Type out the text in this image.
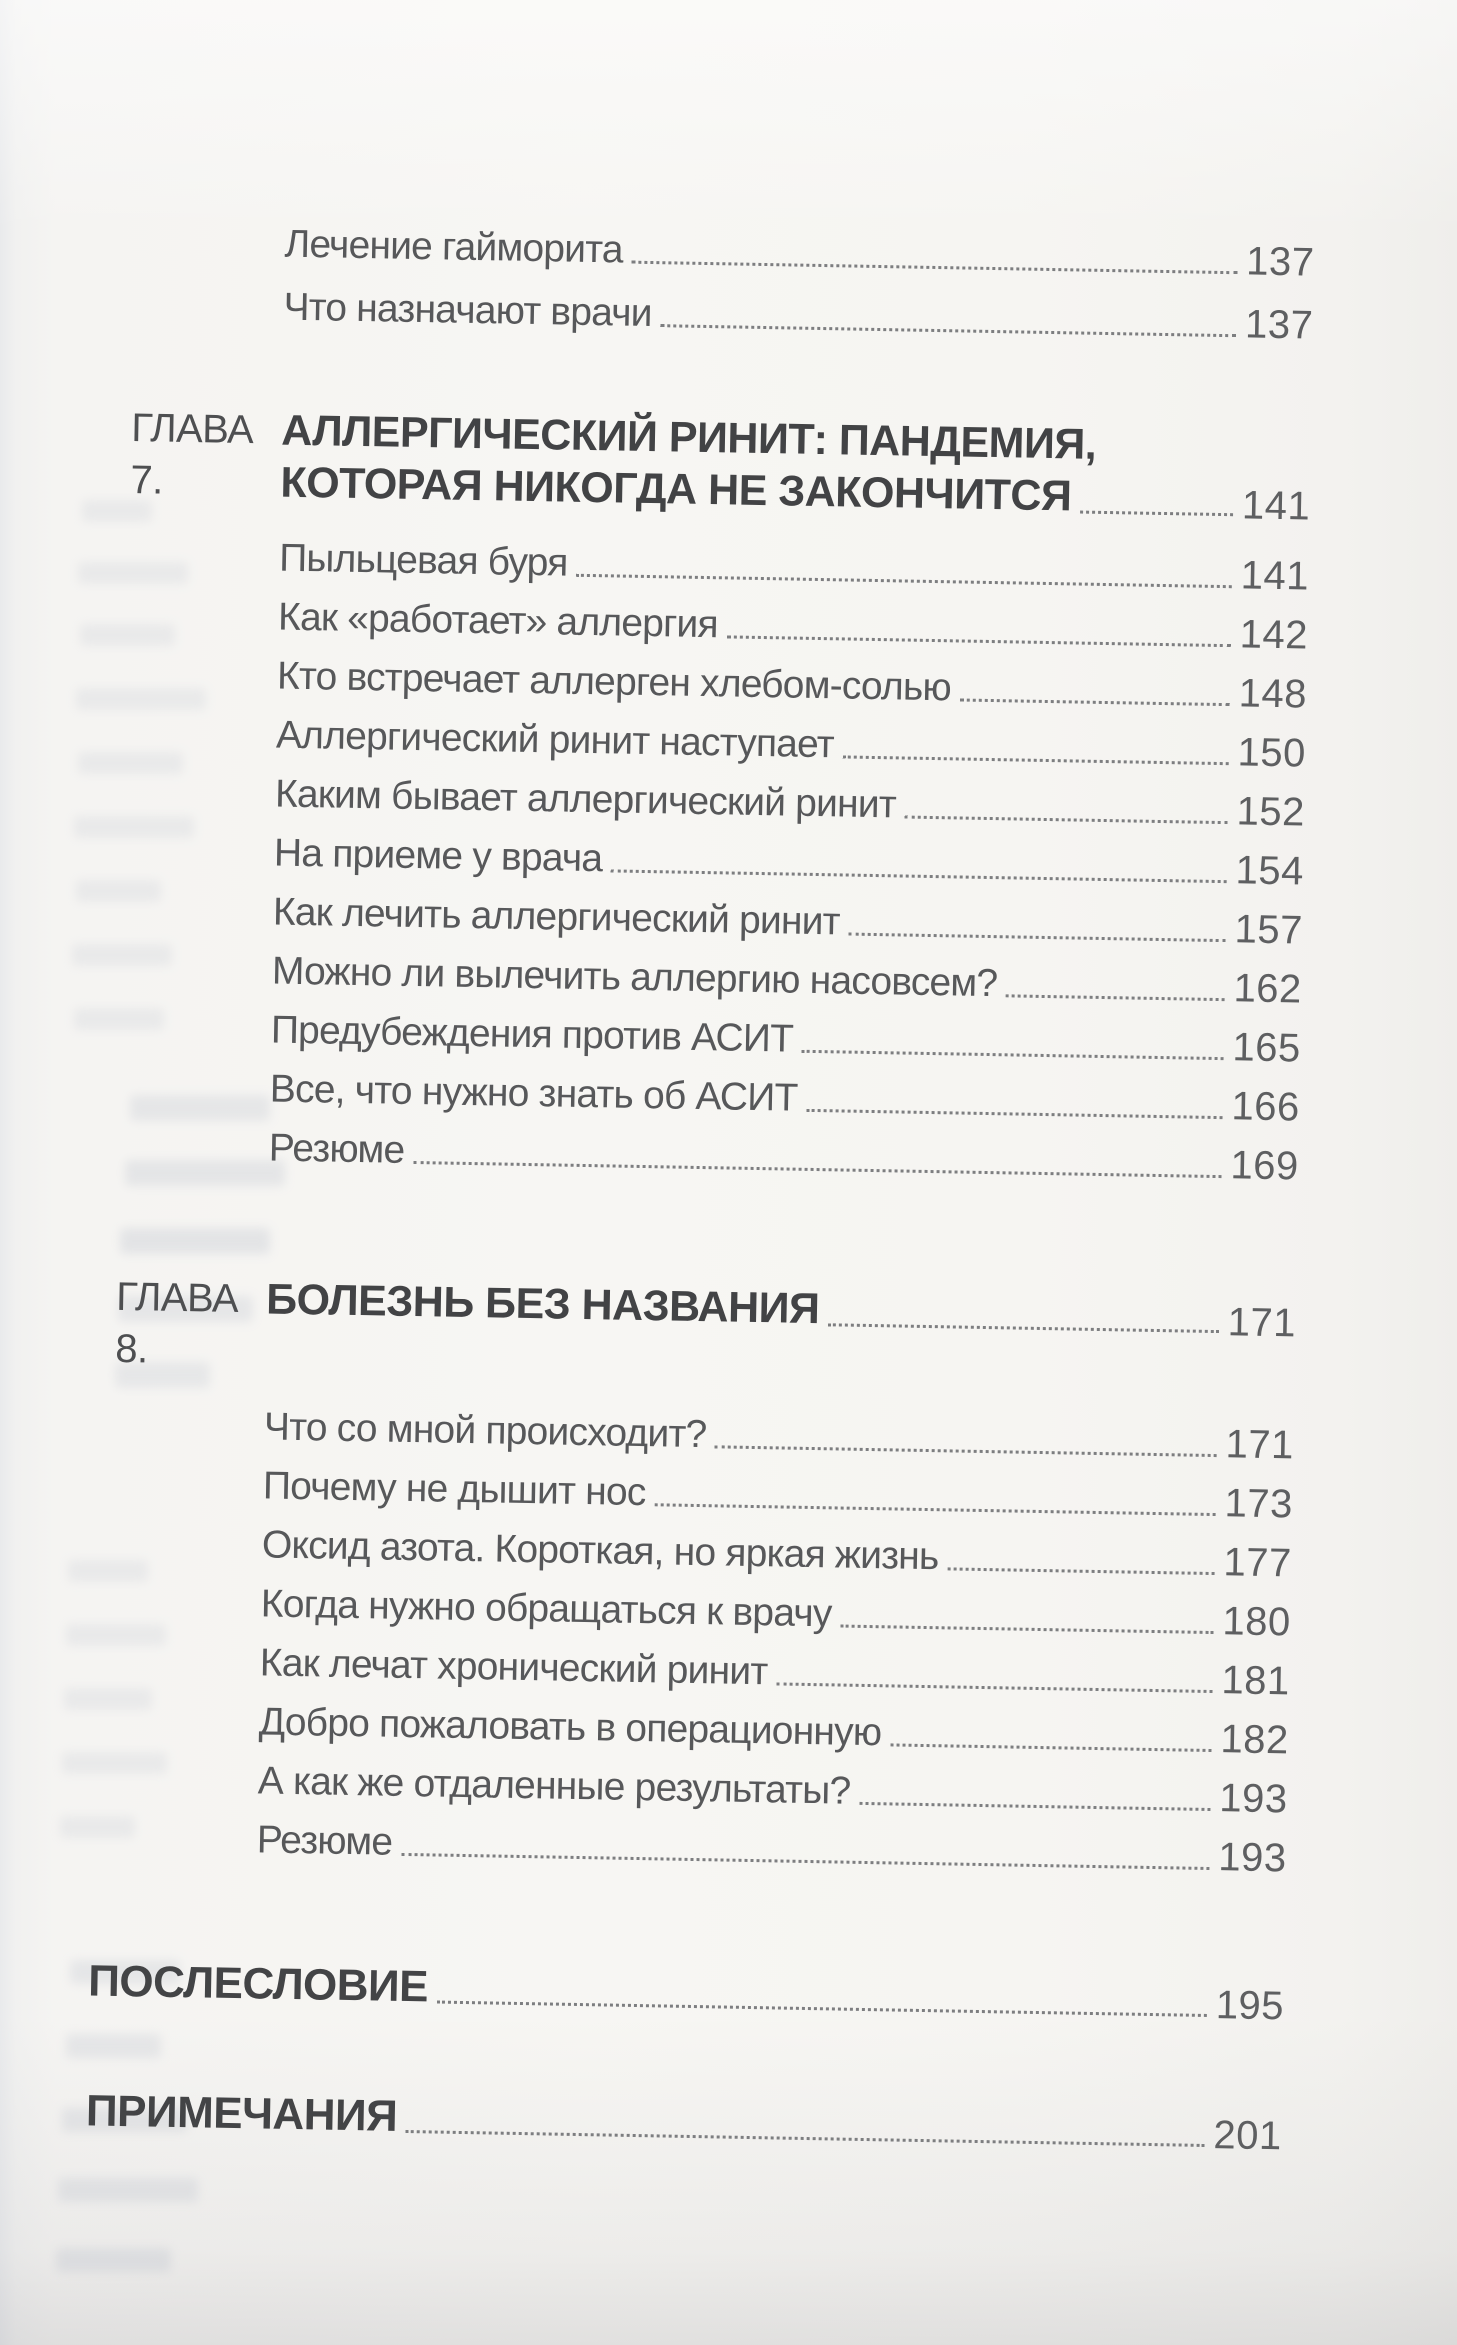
Лечение гайморита	137
Что назначают врачи	137
ГЛАВА 7.
АЛЛЕРГИЧЕСКИЙ РИНИТ: ПАНДЕМИЯ,
КОТОРАЯ НИКОГДА НЕ ЗАКОНЧИТСЯ	141
Пыльцевая буря	141
Как «работает» аллергия	142
Кто встречает аллерген хлебом-солью	148
Аллергический ринит наступает	150
Каким бывает аллергический ринит	152
На приеме у врача	154
Как лечить аллергический ринит	157
Можно ли вылечить аллергию насовсем?	162
Предубеждения против АСИТ	165
Все, что нужно знать об АСИТ	166
Резюме	169
ГЛАВА 8.
БОЛЕЗНЬ БЕЗ НАЗВАНИЯ	171
Что со мной происходит?	171
Почему не дышит нос	173
Оксид азота. Короткая, но яркая жизнь	177
Когда нужно обращаться к врачу	180
Как лечат хронический ринит	181
Добро пожаловать в операционную	182
А как же отдаленные результаты?	193
Резюме	193
ПОСЛЕСЛОВИЕ	195
ПРИМЕЧАНИЯ	201
